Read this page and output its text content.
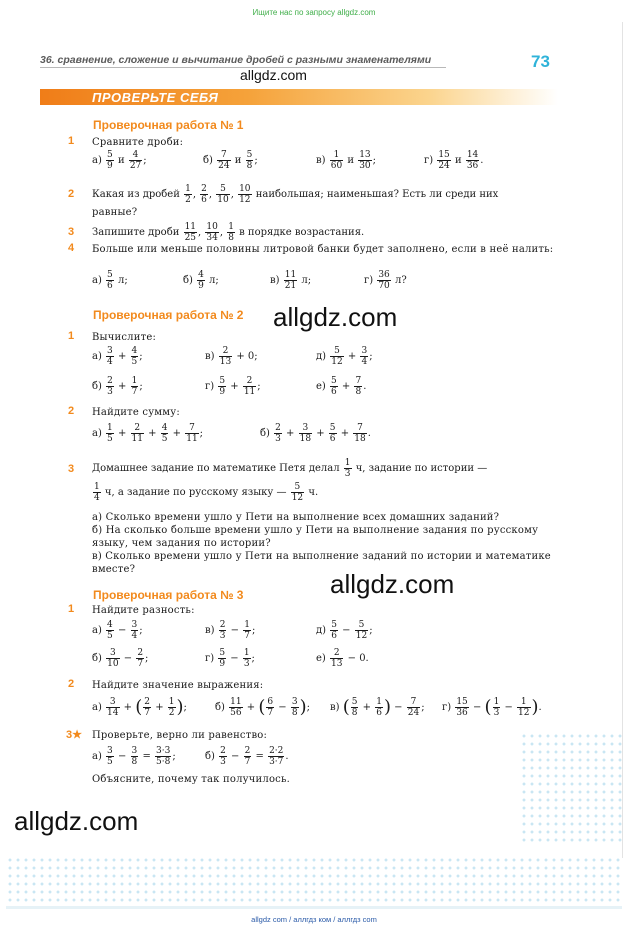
Ищите нас по запросу allgdz.com
36. сравнение, сложение и вычитание дробей с разными знаменателями	73
allgdz.com
ПРОВЕРЬТЕ СЕБЯ
Проверочная работа № 1
1 Сравните дроби:
$а) \frac{5}{9}$ и $\frac{4}{27}$ ;	$б) \frac{7}{24}$ и $\frac{5}{8}$ ;	$в) \frac{1}{60}$ и $\frac{13}{30}$ ;	$г) \frac{15}{24}$ и $\frac{14}{36}$ .
2 Какая из дробей $\frac{1}{2}$ , $\frac{2}{6}$ , $\frac{5}{10}$ , $\frac{10}{12}$ наибольшая; наименьшая? Есть ли среди них
равные?
3 Запишите дроби $\frac{11}{25}$ , $\frac{10}{34}$ , $\frac{1}{8}$ в порядке возрастания.
4 Больше или меньше половины литровой банки будет заполнено, если в неё налить:
$а) \frac{5}{6} л$;	$б) \frac{4}{9} л$;	$в) \frac{11}{21} л$;	$г) \frac{36}{70} л$?
Проверочная работа № 2 allgdz.com
1 Вычислите:
$а) \frac{3}{4} + \frac{4}{5}$ ;	$в) \frac{2}{13} + 0$;	$д) \frac{5}{12} + \frac{3}{4}$ ;
$б) \frac{2}{3} + \frac{1}{7}$ ;	$г) \frac{5}{9} + \frac{2}{11}$ ;	$е) \frac{5}{6} + \frac{7}{8}$ .
2 Найдите сумму:
$а) \frac{1}{5} + \frac{2}{11} + \frac{4}{5} + \frac{7}{11}$ ;	$б) \frac{2}{3} + \frac{3}{18} + \frac{5}{6} + \frac{7}{18}$ .
3 Домашнее задание по математике Петя делал $\frac{1}{3} ч$, задание по истории —
$\frac{1}{4} ч$, а задание по русскому языку — $\frac{5}{12} ч$.
а) Сколько времени ушло у Пети на выполнение всех домашних заданий?
б) На сколько больше времени ушло у Пети на выполнение задания по русскому языку, чем задания по истории?
в) Сколько времени ушло у Пети на выполнение заданий по истории и математике вместе?	allgdz.com
Проверочная работа № 3
1 Найдите разность:
$а) \frac{4}{5} - \frac{3}{4}$ ;	$в) \frac{2}{3} - \frac{1}{7}$ ;	$д) \frac{5}{6} - \frac{5}{12}$ ;
$б) \frac{3}{10} - \frac{2}{7}$ ;	$г) \frac{5}{9} - \frac{1}{3}$ ;	$е) \frac{2}{13} - 0$.
2 Найдите значение выражения:
$а) \frac{3}{14}$ + ( $\frac{2}{7} + \frac{1}{2}$ );	$б) \frac{11}{56}$ + ( $\frac{6}{7} - \frac{3}{8}$ ); в) ( $\frac{5}{8} + \frac{1}{6}$ ) − $\frac{7}{24}$ ; $г) \frac{15}{36}$ − ( $\frac{1}{3} - \frac{1}{12}$ ).
3★ Проверьте, верно ли равенство:
$а) \frac{3}{5} - \frac{3}{8} = \frac{3\cdot 3}{5\cdot 8}$ ;	$б) \frac{2}{3} - \frac{2}{7} = \frac{2\cdot 2}{3\cdot 7}$ .
Объясните, почему так получилось.
allgdz.com
allgdz com / аллгдз ком / аллгдз com
